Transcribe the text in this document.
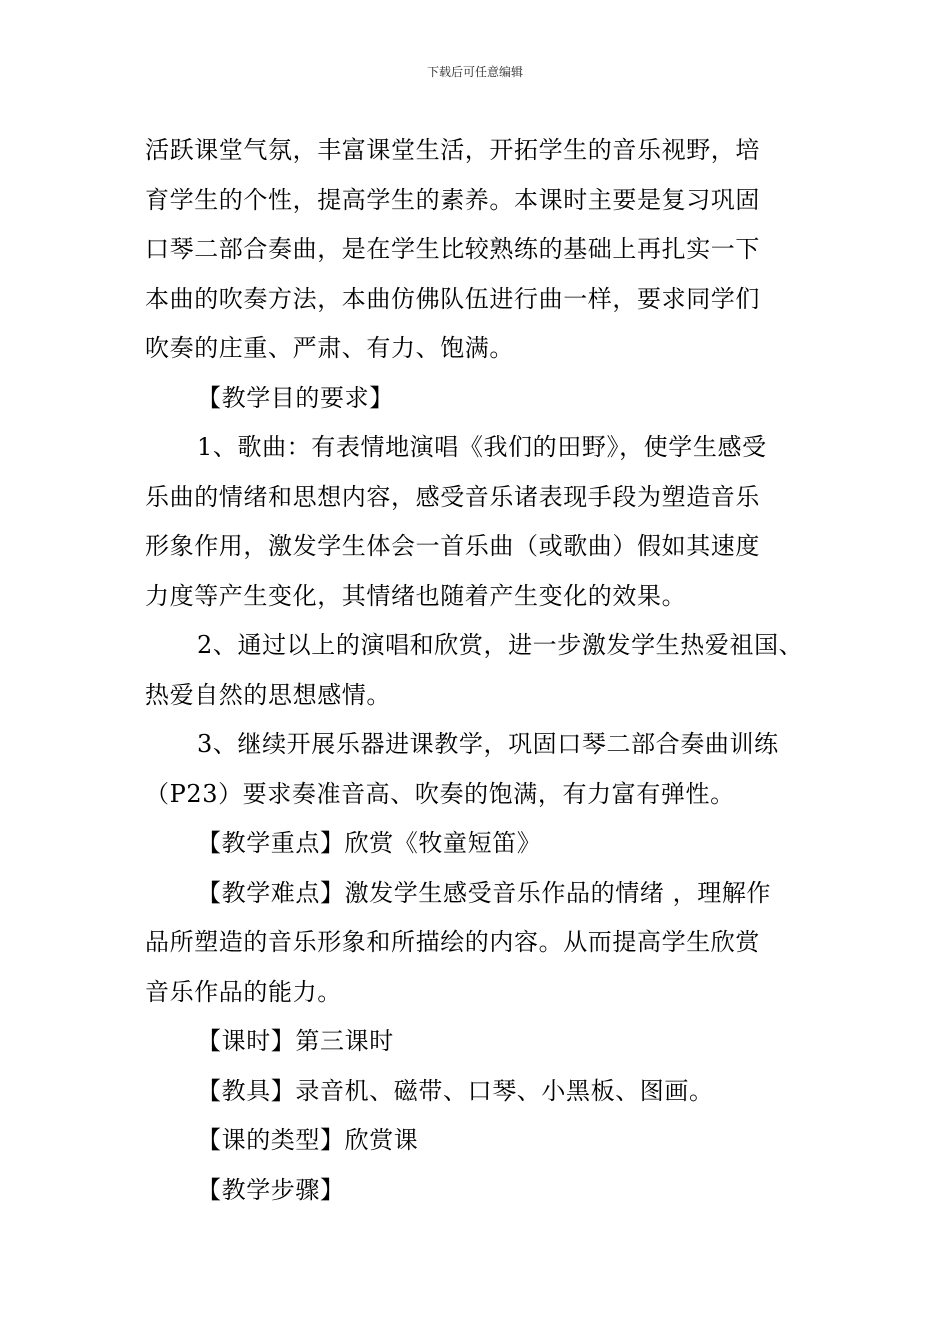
下载后可任意编辑
活跃课堂气氛，丰富课堂生活，开拓学生的音乐视野，培
育学生的个性，提高学生的素养。本课时主要是复习巩固
口琴二部合奏曲，是在学生比较熟练的基础上再扎实一下
本曲的吹奏方法，本曲仿佛队伍进行曲一样，要求同学们
吹奏的庄重、严肃、有力、饱满。
【教学目的要求】
1、歌曲：有表情地演唱《我们的田野》，使学生感受
乐曲的情绪和思想内容，感受音乐诸表现手段为塑造音乐
形象作用，激发学生体会一首乐曲（或歌曲）假如其速度
力度等产生变化，其情绪也随着产生变化的效果。
2、通过以上的演唱和欣赏，进一步激发学生热爱祖国、
热爱自然的思想感情。
3、继续开展乐器进课教学，巩固口琴二部合奏曲训练
（P23）要求奏准音高、吹奏的饱满，有力富有弹性。
【教学重点】欣赏《牧童短笛》
【教学难点】激发学生感受音乐作品的情绪 ，理解作
品所塑造的音乐形象和所描绘的内容。从而提高学生欣赏
音乐作品的能力。
【课时】第三课时
【教具】录音机、磁带、口琴、小黑板、图画。
【课的类型】欣赏课
【教学步骤】
